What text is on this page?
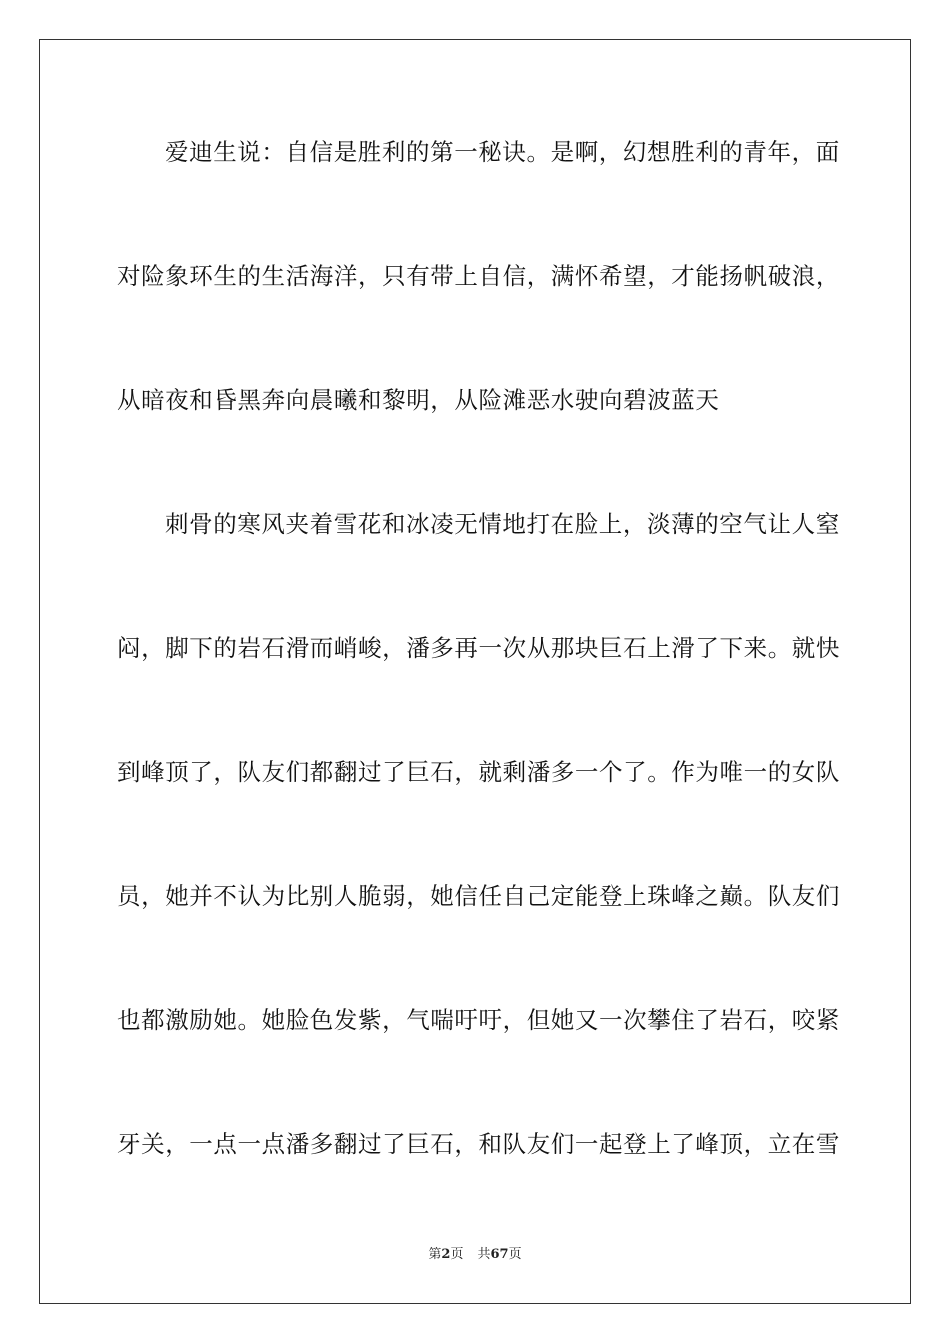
爱迪生说：自信是胜利的第一秘诀。是啊，幻想胜利的青年，面
对险象环生的生活海洋，只有带上自信，满怀希望，才能扬帆破浪，
从暗夜和昏黑奔向晨曦和黎明，从险滩恶水驶向碧波蓝天
刺骨的寒风夹着雪花和冰凌无情地打在脸上，淡薄的空气让人窒
闷，脚下的岩石滑而峭峻，潘多再一次从那块巨石上滑了下来。就快
到峰顶了，队友们都翻过了巨石，就剩潘多一个了。作为唯一的女队
员，她并不认为比别人脆弱，她信任自己定能登上珠峰之巅。队友们
也都激励她。她脸色发紫，气喘吁吁，但她又一次攀住了岩石，咬紧
牙关，一点一点潘多翻过了巨石，和队友们一起登上了峰顶，立在雪
第2页 共67页
